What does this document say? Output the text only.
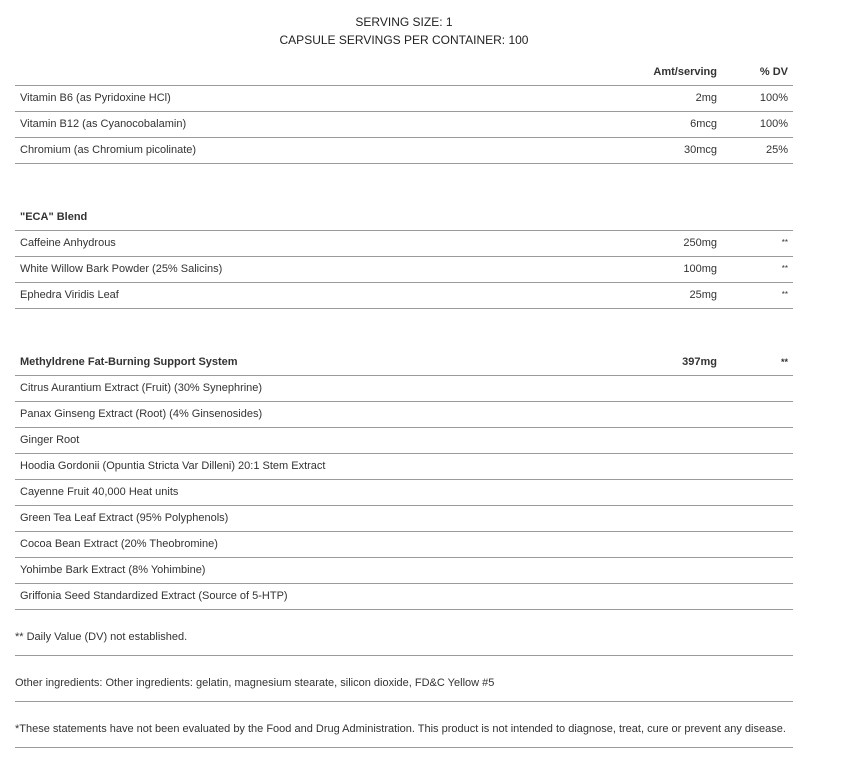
SERVING SIZE: 1
CAPSULE SERVINGS PER CONTAINER: 100
Amt/serving	% DV
Vitamin B6 (as Pyridoxine HCl)	2mg	100%
Vitamin B12 (as Cyanocobalamin)	6mcg	100%
Chromium (as Chromium picolinate)	30mcg	25%
"ECA" Blend
Caffeine Anhydrous	250mg	**
White Willow Bark Powder (25% Salicins)	100mg	**
Ephedra Viridis Leaf	25mg	**
Methyldrene Fat-Burning Support System	397mg	**
Citrus Aurantium Extract (Fruit) (30% Synephrine)
Panax Ginseng Extract (Root) (4% Ginsenosides)
Ginger Root
Hoodia Gordonii (Opuntia Stricta Var Dilleni) 20:1 Stem Extract
Cayenne Fruit 40,000 Heat units
Green Tea Leaf Extract (95% Polyphenols)
Cocoa Bean Extract (20% Theobromine)
Yohimbe Bark Extract (8% Yohimbine)
Griffonia Seed Standardized Extract (Source of 5-HTP)
** Daily Value (DV) not established.
Other ingredients: Other ingredients: gelatin, magnesium stearate, silicon dioxide, FD&C Yellow #5
*These statements have not been evaluated by the Food and Drug Administration. This product is not intended to diagnose, treat, cure or prevent any disease.
